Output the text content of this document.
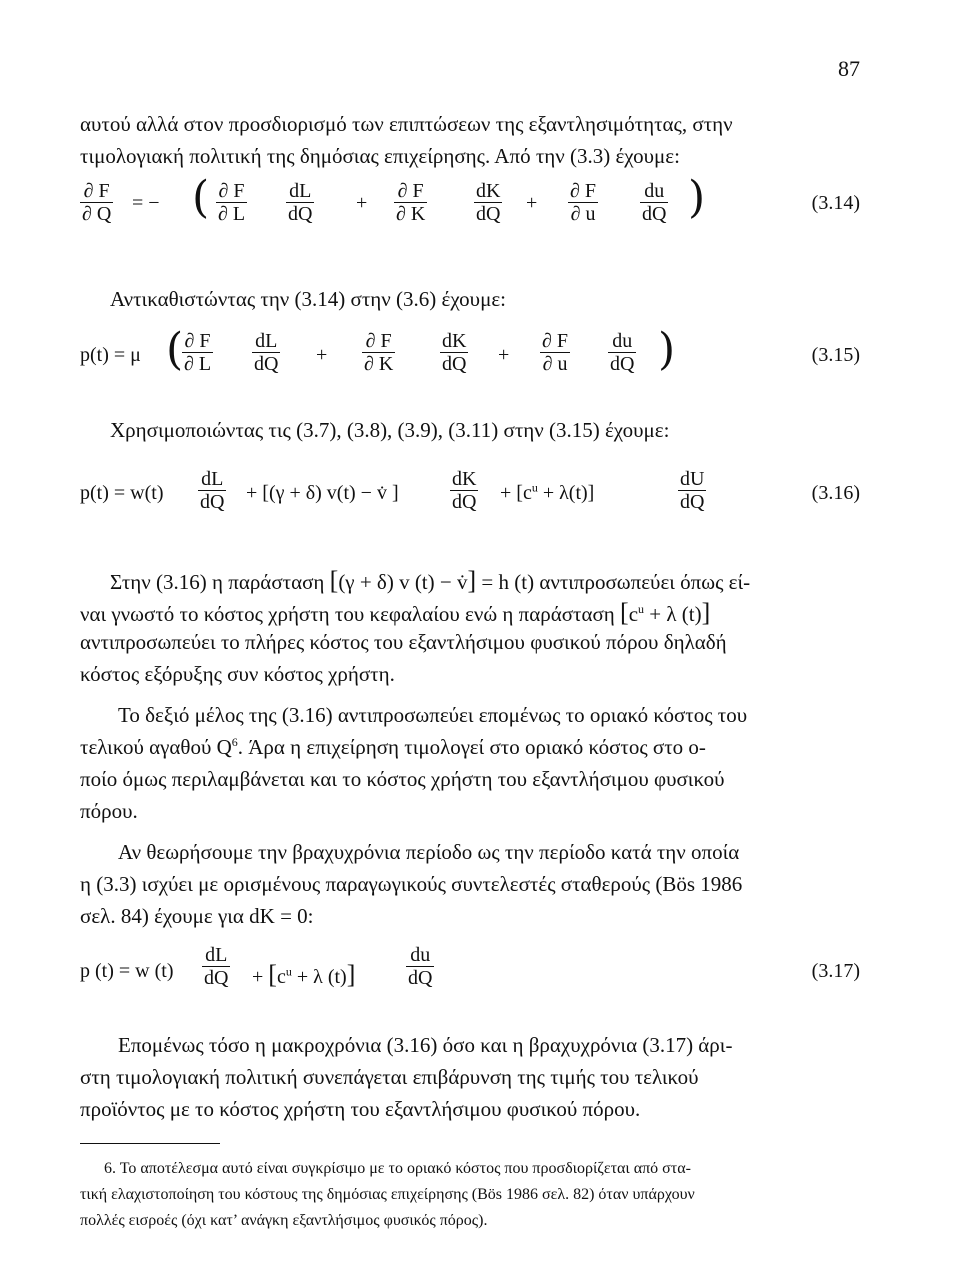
87
αυτού αλλά στον προσδιορισμό των επιπτώσεων της εξαντλησιμότητας, στην
τιμολογιακή πολιτική της δημόσιας επιχείρησης. Από την (3.3) έχουμε:
$\frac{\partial F}{\partial Q}$ = − ( $\frac{\partial F}{\partial L} \frac{dL}{dQ} + \frac{\partial F}{\partial K} \frac{dK}{dQ} + \frac{\partial F}{\partial u} \frac{du}{dQ}$ )	(3.14)
Αντικαθιστώντας την (3.14) στην (3.6) έχουμε:
p(t) = μ (
$\frac{\partial F}{\partial L} \frac{dL}{dQ} + \frac{\partial F}{\partial K} \frac{dK}{dQ} + \frac{\partial F}{\partial u} \frac{du}{dQ}$ )	(3.15)
Χρησιμοποιώντας τις (3.7), (3.8), (3.9), (3.11) στην (3.15) έχουμε:
$p(t) = w(t) \frac{dL}{dQ} + [(\gamma + \delta) v(t)$ − v̇ ]	$\frac{dK}{dQ} + [c^u + \lambda(t)]$	$\frac{dU}{dQ}$	(3.16)
Στην (3.16) η παράσταση [(γ + δ) v (t) − v̇] = h (t) αντιπροσωπεύει όπως εί-
ναι γνωστό το κόστος χρήστη του κεφαλαίου ενώ η παράσταση [$c^u + \lambda$ (t)]
αντιπροσωπεύει το πλήρες κόστος του εξαντλήσιμου φυσικού πόρου δηλαδή
κόστος εξόρυξης συν κόστος χρήστη.
Το δεξιό μέλος της (3.16) αντιπροσωπεύει επομένως το οριακό κόστος του
τελικού αγαθού $Q^6$. Άρα η επιχείρηση τιμολογεί στο οριακό κόστος στο ο-
ποίο όμως περιλαμβάνεται και το κόστος χρήστη του εξαντλήσιμου φυσικού
πόρου.
Αν θεωρήσουμε την βραχυχρόνια περίοδο ως την περίοδο κατά την οποία
η (3.3) ισχύει με ορισμένους παραγωγικούς συντελεστές σταθερούς (Bös 1986
σελ. 84) έχουμε για dK = 0:
p (t) = w $(t) \frac{dL}{dQ} + [c^u + \lambda$ (t)]	$\frac{du}{dQ}$	(3.17)
Επομένως τόσο η μακροχρόνια (3.16) όσο και η βραχυχρόνια (3.17) άρι-
στη τιμολογιακή πολιτική συνεπάγεται επιβάρυνση της τιμής του τελικού
προϊόντος με το κόστος χρήστη του εξαντλήσιμου φυσικού πόρου.
6. Το αποτέλεσμα αυτό είναι συγκρίσιμο με το οριακό κόστος που προσδιορίζεται από στα-
τική ελαχιστοποίηση του κόστους της δημόσιας επιχείρησης (Bös 1986 σελ. 82) όταν υπάρχουν
πολλές εισροές (όχι κατ’ ανάγκη εξαντλήσιμος φυσικός πόρος).
